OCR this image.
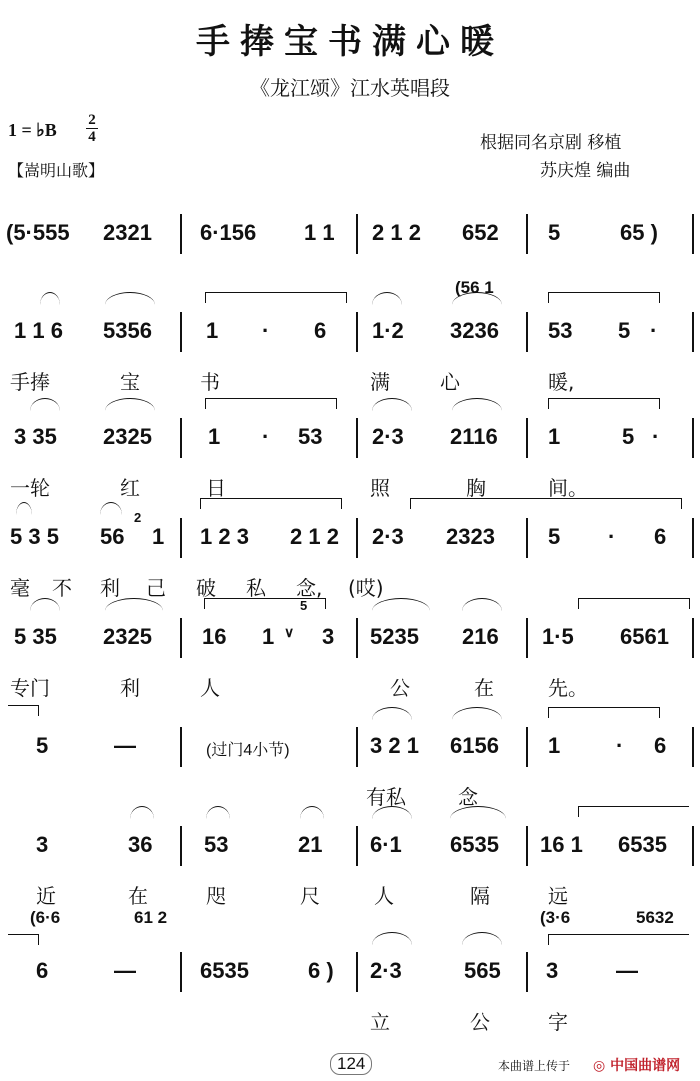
手捧宝书满心暖
《龙江颂》江水英唱段
1 = ♭B 2
4
【嵩明山歌】
根据同名京剧 移植
苏庆煌 编曲
(5·555 2321 6·156 1 1 2 1 2 652 5	65 )
(56 1
1 1 6 5356 1 · 6 1·2 3236 53 5 ·
手捧	宝	书	满	心	暖,
3 35 2325	1 · 53 2·3 2116 1	5 ·
一轮	红	日	照	胸	间。
2
5 3 5 56 1 1 2 3 2 1 2 2·3 2323 5 · 6
毫 不 利 己 破 私 念, (哎)
5
5 35 2325 16 1 ∨ 3 5235 216 1·5 6561
专门	利	人	公	在	先。
5	—	(过门4小节)	3 2 1 6156 1	· 6
有私	念
3	36 53	21 6·1 6535 16 1 6535
近	在	咫	尺	人	隔	远
(6·6	61 2	(3·6	5632
6	—	6535	6 ) 2·3	565 3	—
立	公	字
124	本曲谱上传于 ◎ 中国曲谱网
